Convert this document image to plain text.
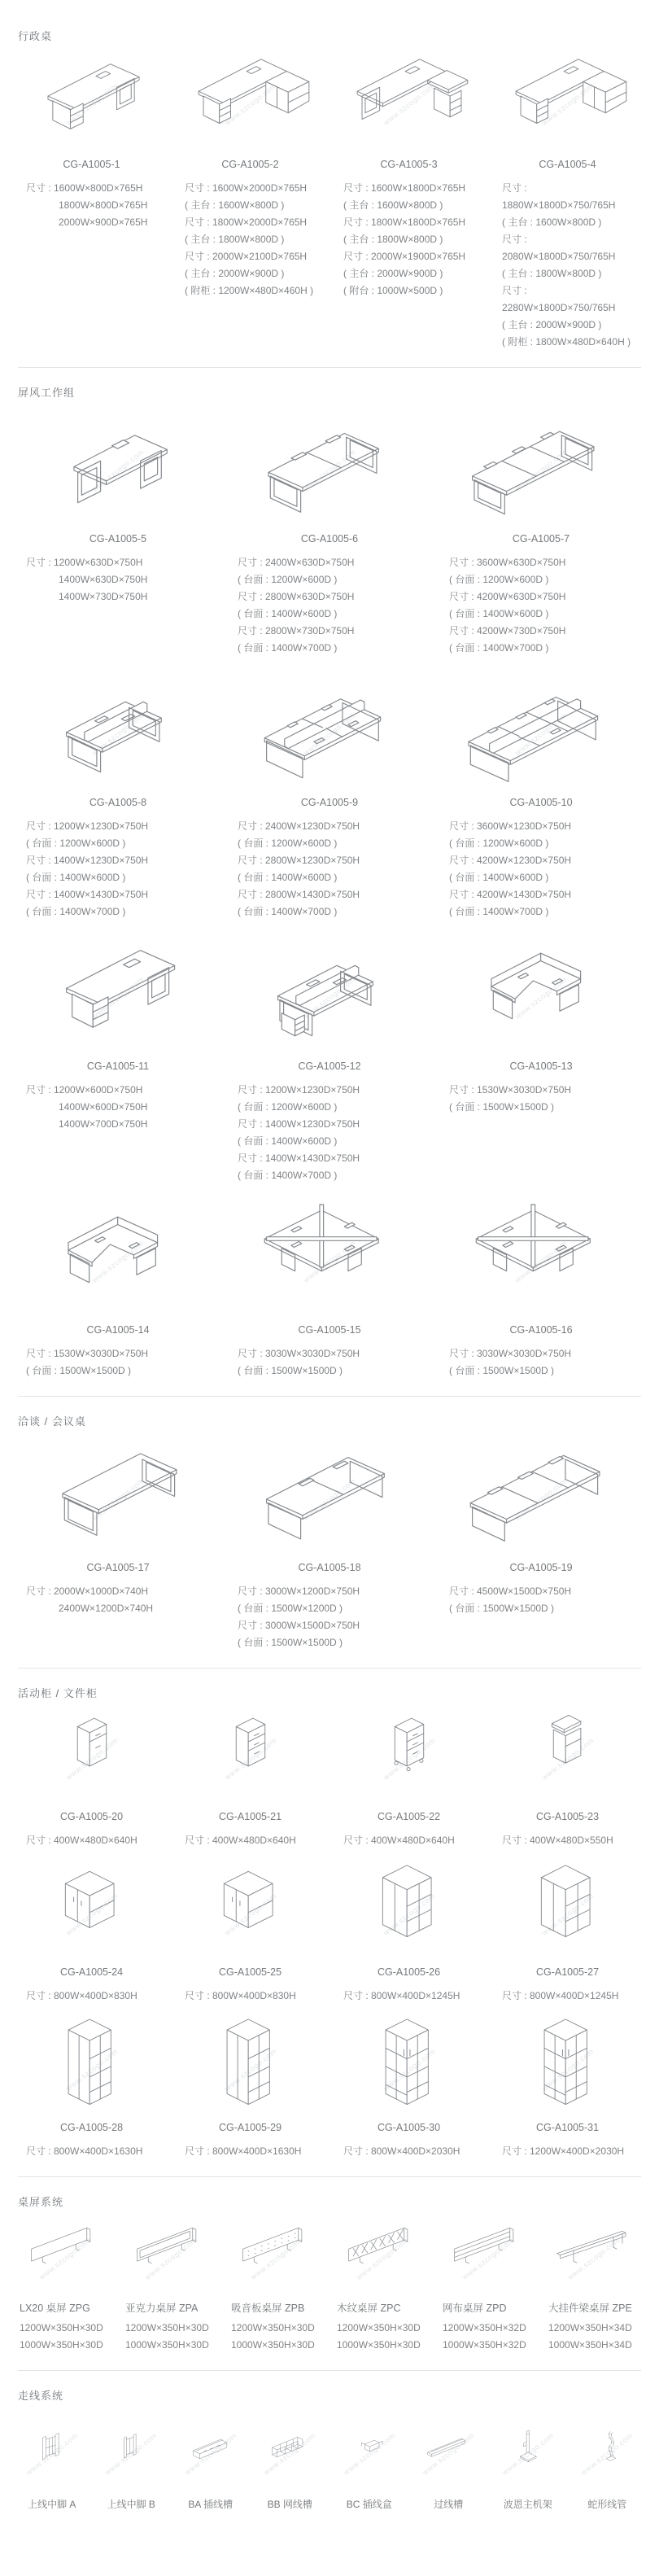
行政桌
www.szcogo.com
CG-A1005-1
尺寸 : 1600W×800D×765H
1800W×800D×765H
2000W×900D×765H
www.szcogo.com
CG-A1005-2
尺寸 : 1600W×2000D×765H
( 主台 : 1600W×800D )
尺寸 : 1800W×2000D×765H
( 主台 : 1800W×800D )
尺寸 : 2000W×2100D×765H
( 主台 : 2000W×900D )
( 附柜 : 1200W×480D×460H )
www.szcogo.com
CG-A1005-3
尺寸 : 1600W×1800D×765H
( 主台 : 1600W×800D )
尺寸 : 1800W×1800D×765H
( 主台 : 1800W×800D )
尺寸 : 2000W×1900D×765H
( 主台 : 2000W×900D )
( 附台 : 1000W×500D )
www.szcogo.com
CG-A1005-4
尺寸 : 1880W×1800D×750/765H
( 主台 : 1600W×800D )
尺寸 : 2080W×1800D×750/765H
( 主台 : 1800W×800D )
尺寸 : 2280W×1800D×750/765H
( 主台 : 2000W×900D )
( 附柜 : 1800W×480D×640H )
屏风工作组
www.szcogo.com
CG-A1005-5
尺寸 : 1200W×630D×750H
1400W×630D×750H
1400W×730D×750H
www.szcogo.com
CG-A1005-6
尺寸 : 2400W×630D×750H
( 台面 : 1200W×600D )
尺寸 : 2800W×630D×750H
( 台面 : 1400W×600D )
尺寸 : 2800W×730D×750H
( 台面 : 1400W×700D )
www.szcogo.com
CG-A1005-7
尺寸 : 3600W×630D×750H
( 台面 : 1200W×600D )
尺寸 : 4200W×630D×750H
( 台面 : 1400W×600D )
尺寸 : 4200W×730D×750H
( 台面 : 1400W×700D )
www.szcogo.com
CG-A1005-8
尺寸 : 1200W×1230D×750H
( 台面 : 1200W×600D )
尺寸 : 1400W×1230D×750H
( 台面 : 1400W×600D )
尺寸 : 1400W×1430D×750H
( 台面 : 1400W×700D )
www.szcogo.com
CG-A1005-9
尺寸 : 2400W×1230D×750H
( 台面 : 1200W×600D )
尺寸 : 2800W×1230D×750H
( 台面 : 1400W×600D )
尺寸 : 2800W×1430D×750H
( 台面 : 1400W×700D )
www.szcogo.com
CG-A1005-10
尺寸 : 3600W×1230D×750H
( 台面 : 1200W×600D )
尺寸 : 4200W×1230D×750H
( 台面 : 1400W×600D )
尺寸 : 4200W×1430D×750H
( 台面 : 1400W×700D )
www.szcogo.com
CG-A1005-11
尺寸 : 1200W×600D×750H
1400W×600D×750H
1400W×700D×750H
www.szcogo.com
CG-A1005-12
尺寸 : 1200W×1230D×750H
( 台面 : 1200W×600D )
尺寸 : 1400W×1230D×750H
( 台面 : 1400W×600D )
尺寸 : 1400W×1430D×750H
( 台面 : 1400W×700D )
www.szcogo.com
CG-A1005-13
尺寸 : 1530W×3030D×750H
( 台面 : 1500W×1500D )
www.szcogo.com
CG-A1005-14
尺寸 : 1530W×3030D×750H
( 台面 : 1500W×1500D )
www.szcogo.com
CG-A1005-15
尺寸 : 3030W×3030D×750H
( 台面 : 1500W×1500D )
www.szcogo.com
CG-A1005-16
尺寸 : 3030W×3030D×750H
( 台面 : 1500W×1500D )
洽谈 / 会议桌
www.szcogo.com
CG-A1005-17
尺寸 : 2000W×1000D×740H
2400W×1200D×740H
www.szcogo.com
CG-A1005-18
尺寸 : 3000W×1200D×750H
( 台面 : 1500W×1200D )
尺寸 : 3000W×1500D×750H
( 台面 : 1500W×1500D )
www.szcogo.com
CG-A1005-19
尺寸 : 4500W×1500D×750H
( 台面 : 1500W×1500D )
活动柜 / 文件柜
www.szcogo.com
CG-A1005-20
尺寸 : 400W×480D×640H
www.szcogo.com
CG-A1005-21
尺寸 : 400W×480D×640H
www.szcogo.com
CG-A1005-22
尺寸 : 400W×480D×640H
www.szcogo.com
CG-A1005-23
尺寸 : 400W×480D×550H
www.szcogo.com
CG-A1005-24
尺寸 : 800W×400D×830H
www.szcogo.com
CG-A1005-25
尺寸 : 800W×400D×830H
www.szcogo.com
CG-A1005-26
尺寸 : 800W×400D×1245H
www.szcogo.com
CG-A1005-27
尺寸 : 800W×400D×1245H
www.szcogo.com
CG-A1005-28
尺寸 : 800W×400D×1630H
www.szcogo.com
CG-A1005-29
尺寸 : 800W×400D×1630H
www.szcogo.com
CG-A1005-30
尺寸 : 800W×400D×2030H
www.szcogo.com
CG-A1005-31
尺寸 : 1200W×400D×2030H
桌屏系统
www.szcogo.com
LX20 桌屏 ZPG
1200W×350H×30D
1000W×350H×30D
www.szcogo.com
亚克力桌屏 ZPA
1200W×350H×30D
1000W×350H×30D
www.szcogo.com
吸音板桌屏 ZPB
1200W×350H×30D
1000W×350H×30D
www.szcogo.com
木纹桌屏 ZPC
1200W×350H×30D
1000W×350H×30D
www.szcogo.com
网布桌屏 ZPD
1200W×350H×32D
1000W×350H×32D
www.szcogo.com
大挂件梁桌屏 ZPE
1200W×350H×34D
1000W×350H×34D
走线系统
www.szcogo.com
上线中脚 A
www.szcogo.com
上线中脚 B
www.szcogo.com
BA 插线槽
www.szcogo.com
BB 网线槽
www.szcogo.com
BC 插线盒
www.szcogo.com
过线槽
www.szcogo.com
波恩主机架
www.szcogo.com
蛇形线管
